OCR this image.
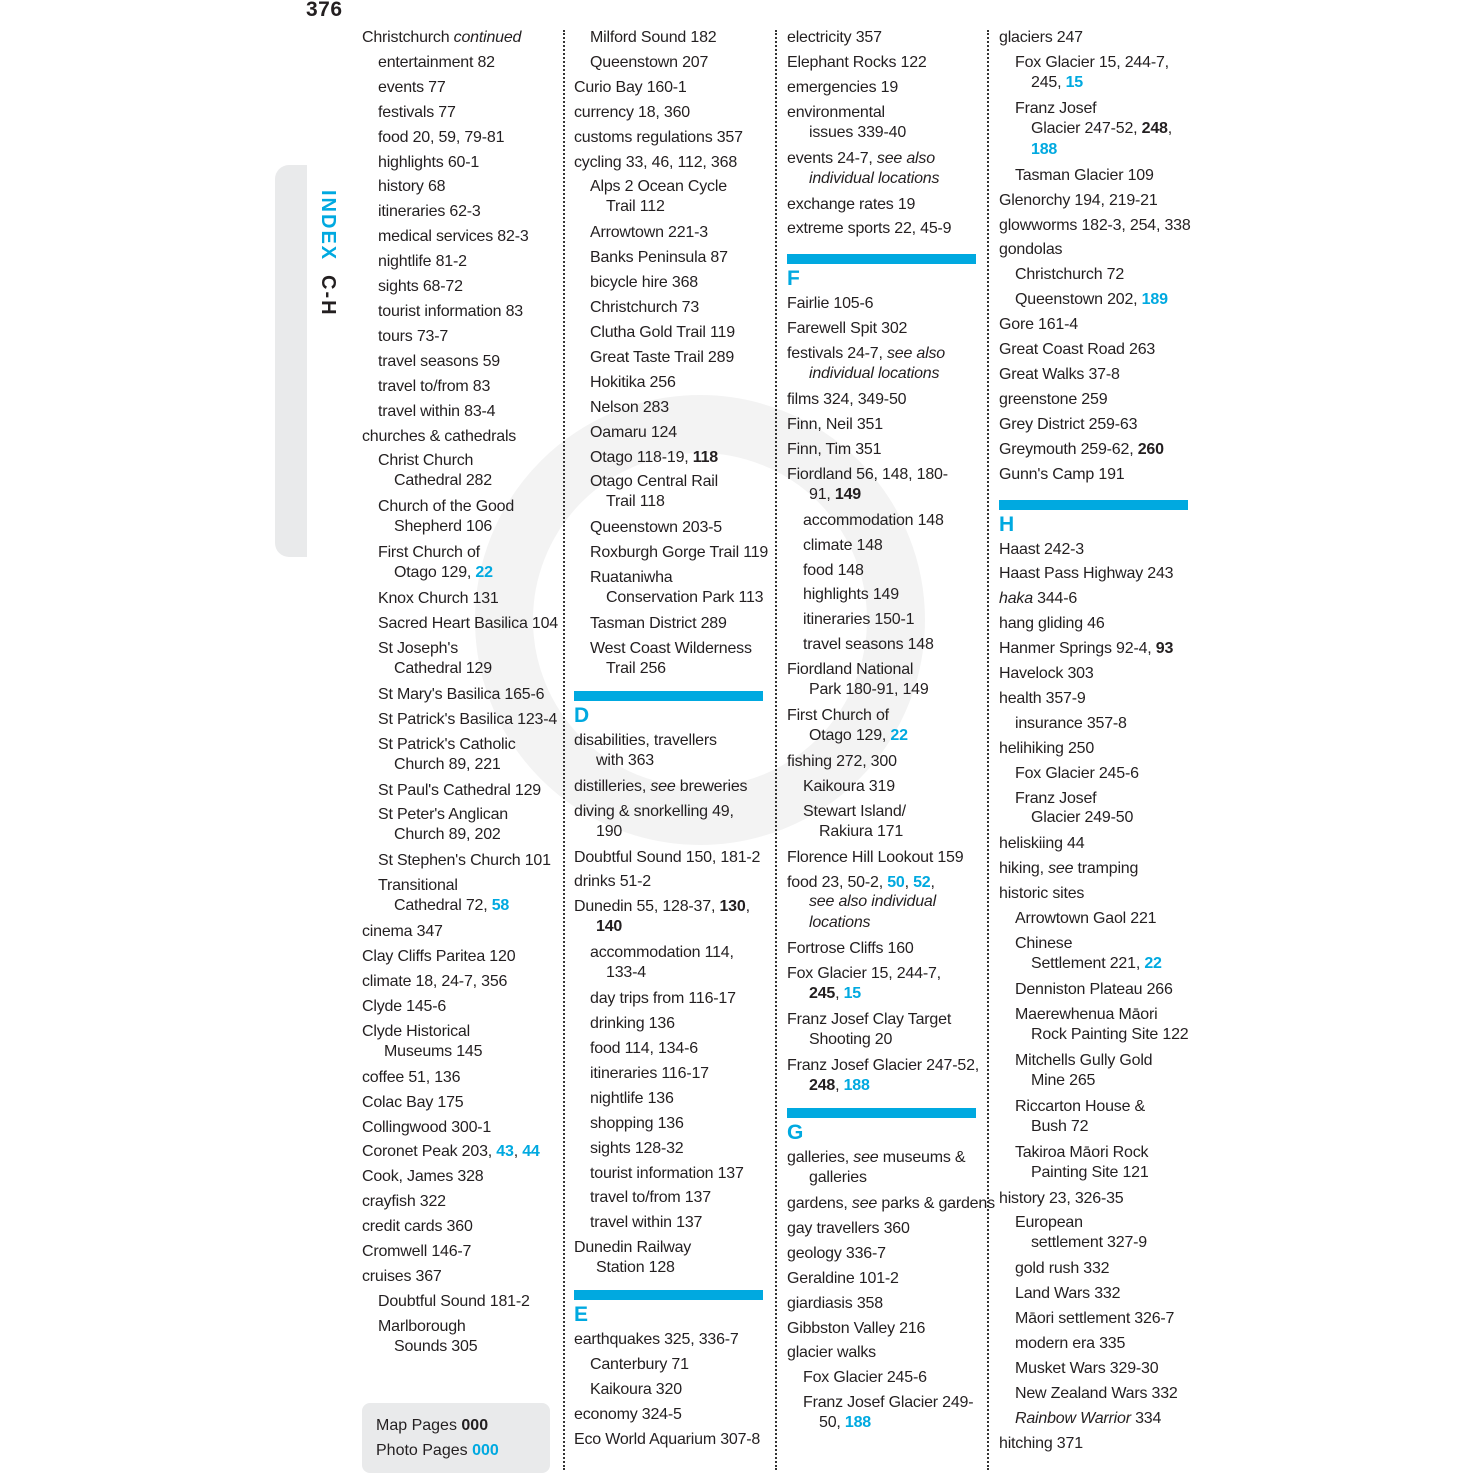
376
INDEX C-H
Christchurch continued
entertainment 82
events 77
festivals 77
food 20, 59, 79-81
highlights 60-1
history 68
itineraries 62-3
medical services 82-3
nightlife 81-2
sights 68-72
tourist information 83
tours 73-7
travel seasons 59
travel to/from 83
travel within 83-4
churches & cathedrals
Christ Church
Cathedral 282
Church of the Good
Shepherd 106
First Church of
Otago 129, 22
Knox Church 131
Sacred Heart Basilica 104
St Joseph's
Cathedral 129
St Mary's Basilica 165-6
St Patrick's Basilica 123-4
St Patrick's Catholic
Church 89, 221
St Paul's Cathedral 129
St Peter's Anglican
Church 89, 202
St Stephen's Church 101
Transitional
Cathedral 72, 58
cinema 347
Clay Cliffs Paritea 120
climate 18, 24-7, 356
Clyde 145-6
Clyde Historical
Museums 145
coffee 51, 136
Colac Bay 175
Collingwood 300-1
Coronet Peak 203, 43, 44
Cook, James 328
crayfish 322
credit cards 360
Cromwell 146-7
cruises 367
Doubtful Sound 181-2
Marlborough
Sounds 305
Milford Sound 182
Queenstown 207
Curio Bay 160-1
currency 18, 360
customs regulations 357
cycling 33, 46, 112, 368
Alps 2 Ocean Cycle
Trail 112
Arrowtown 221-3
Banks Peninsula 87
bicycle hire 368
Christchurch 73
Clutha Gold Trail 119
Great Taste Trail 289
Hokitika 256
Nelson 283
Oamaru 124
Otago 118-19, 118
Otago Central Rail
Trail 118
Queenstown 203-5
Roxburgh Gorge Trail 119
Ruataniwha
Conservation Park 113
Tasman District 289
West Coast Wilderness
Trail 256
D
disabilities, travellers
with 363
distilleries, see breweries
diving & snorkelling 49,
190
Doubtful Sound 150, 181-2
drinks 51-2
Dunedin 55, 128-37, 130,
140
accommodation 114,
133-4
day trips from 116-17
drinking 136
food 114, 134-6
itineraries 116-17
nightlife 136
shopping 136
sights 128-32
tourist information 137
travel to/from 137
travel within 137
Dunedin Railway
Station 128
E
earthquakes 325, 336-7
Canterbury 71
Kaikoura 320
economy 324-5
Eco World Aquarium 307-8
electricity 357
Elephant Rocks 122
emergencies 19
environmental
issues 339-40
events 24-7, see also
individual locations
exchange rates 19
extreme sports 22, 45-9
F
Fairlie 105-6
Farewell Spit 302
festivals 24-7, see also
individual locations
films 324, 349-50
Finn, Neil 351
Finn, Tim 351
Fiordland 56, 148, 180-
91, 149
accommodation 148
climate 148
food 148
highlights 149
itineraries 150-1
travel seasons 148
Fiordland National
Park 180-91, 149
First Church of
Otago 129, 22
fishing 272, 300
Kaikoura 319
Stewart Island/
Rakiura 171
Florence Hill Lookout 159
food 23, 50-2, 50, 52,
see also individual
locations
Fortrose Cliffs 160
Fox Glacier 15, 244-7,
245, 15
Franz Josef Clay Target
Shooting 20
Franz Josef Glacier 247-52,
248, 188
G
galleries, see museums &
galleries
gardens, see parks & gardens
gay travellers 360
geology 336-7
Geraldine 101-2
giardiasis 358
Gibbston Valley 216
glacier walks
Fox Glacier 245-6
Franz Josef Glacier 249-
50, 188
glaciers 247
Fox Glacier 15, 244-7,
245, 15
Franz Josef
Glacier 247-52, 248,
188
Tasman Glacier 109
Glenorchy 194, 219-21
glowworms 182-3, 254, 338
gondolas
Christchurch 72
Queenstown 202, 189
Gore 161-4
Great Coast Road 263
Great Walks 37-8
greenstone 259
Grey District 259-63
Greymouth 259-62, 260
Gunn's Camp 191
H
Haast 242-3
Haast Pass Highway 243
haka 344-6
hang gliding 46
Hanmer Springs 92-4, 93
Havelock 303
health 357-9
insurance 357-8
helihiking 250
Fox Glacier 245-6
Franz Josef
Glacier 249-50
heliskiing 44
hiking, see tramping
historic sites
Arrowtown Gaol 221
Chinese
Settlement 221, 22
Denniston Plateau 266
Maerewhenua Māori
Rock Painting Site 122
Mitchells Gully Gold
Mine 265
Riccarton House &
Bush 72
Takiroa Māori Rock
Painting Site 121
history 23, 326-35
European
settlement 327-9
gold rush 332
Land Wars 332
Māori settlement 326-7
modern era 335
Musket Wars 329-30
New Zealand Wars 332
Rainbow Warrior 334
hitching 371
Map Pages 000
Photo Pages 000
